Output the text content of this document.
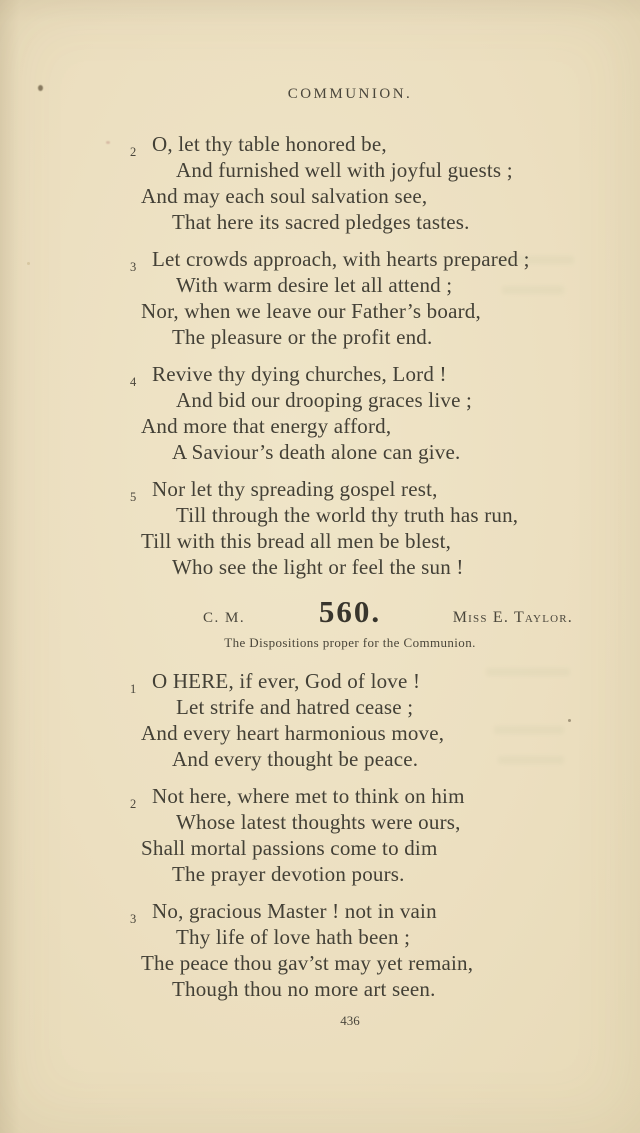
COMMUNION.
2 O, let thy table honored be,
And furnished well with joyful guests ;
And may each soul salvation see,
That here its sacred pledges tastes.
3 Let crowds approach, with hearts prepared ;
With warm desire let all attend ;
Nor, when we leave our Father’s board,
The pleasure or the profit end.
4 Revive thy dying churches, Lord !
And bid our drooping graces live ;
And more that energy afford,
A Saviour’s death alone can give.
5 Nor let thy spreading gospel rest,
Till through the world thy truth has run,
Till with this bread all men be blest,
Who see the light or feel the sun !
C. M. 560.	Miss E. Taylor.
The Dispositions proper for the Communion.
1 O HERE, if ever, God of love !
Let strife and hatred cease ;
And every heart harmonious move,
And every thought be peace.
2 Not here, where met to think on him
Whose latest thoughts were ours,
Shall mortal passions come to dim
The prayer devotion pours.
3 No, gracious Master ! not in vain
Thy life of love hath been ;
The peace thou gav’st may yet remain,
Though thou no more art seen.
436
